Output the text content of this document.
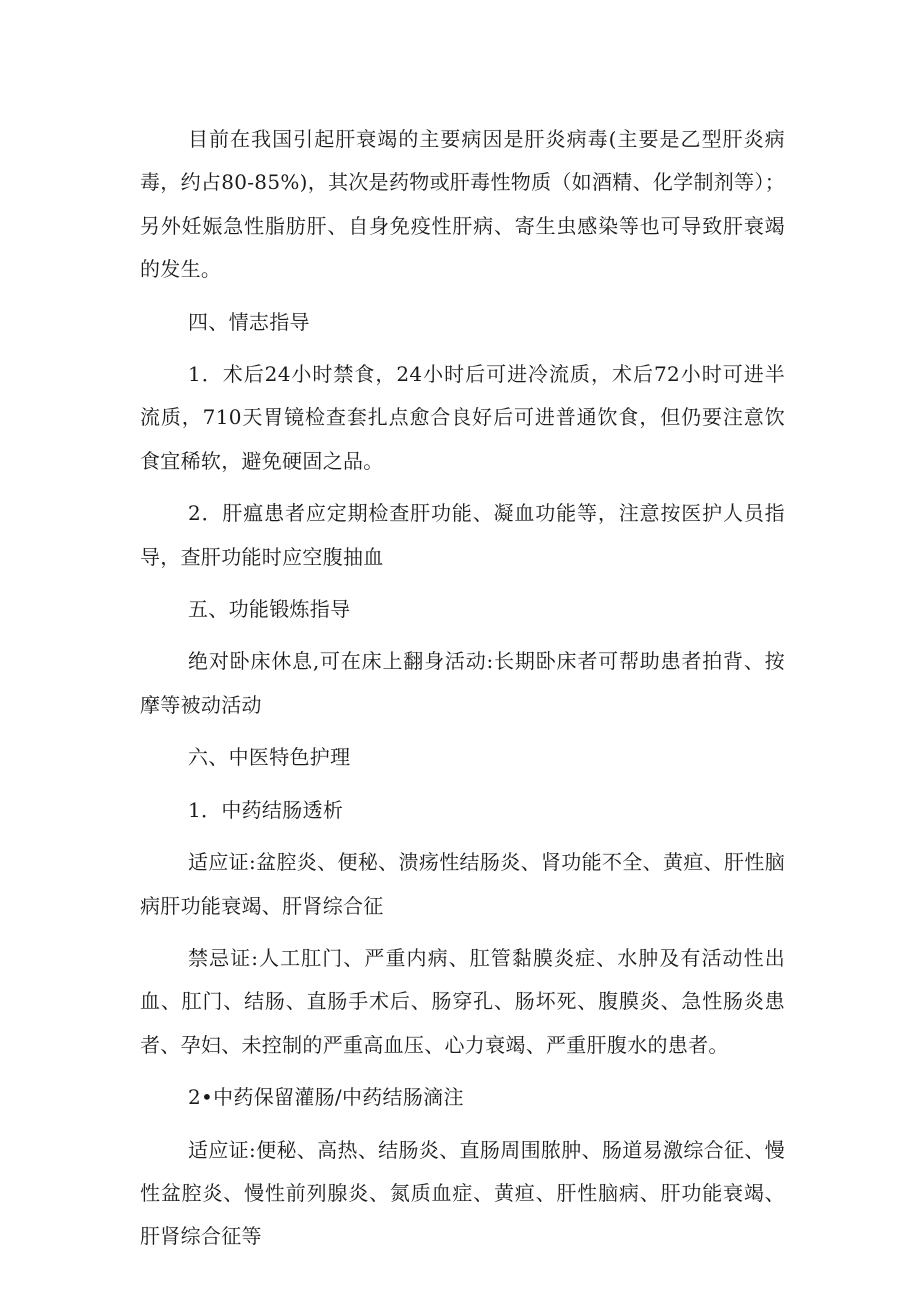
目前在我国引起肝衰竭的主要病因是肝炎病毒(主要是乙型肝炎病毒，约占80-85%)，其次是药物或肝毒性物质（如酒精、化学制剂等）；另外妊娠急性脂肪肝、自身免疫性肝病、寄生虫感染等也可导致肝衰竭的发生。

四、情志指导

1．术后24小时禁食，24小时后可进冷流质，术后72小时可进半流质，710天胃镜检查套扎点愈合良好后可进普通饮食，但仍要注意饮食宜稀软，避免硬固之品。

2．肝瘟患者应定期检查肝功能、凝血功能等，注意按医护人员指导，查肝功能时应空腹抽血

五、功能锻炼指导

绝对卧床休息,可在床上翻身活动:长期卧床者可帮助患者拍背、按摩等被动活动

六、中医特色护理

1．中药结肠透析

适应证:盆腔炎、便秘、溃疡性结肠炎、肾功能不全、黄疸、肝性脑病肝功能衰竭、肝肾综合征

禁忌证:人工肛门、严重内病、肛管黏膜炎症、水肿及有活动性出血、肛门、结肠、直肠手术后、肠穿孔、肠坏死、腹膜炎、急性肠炎患者、孕妇、未控制的严重高血压、心力衰竭、严重肝腹水的患者。

2•中药保留灌肠/中药结肠滴注

适应证:便秘、高热、结肠炎、直肠周围脓肿、肠道易激综合征、慢性盆腔炎、慢性前列腺炎、氮质血症、黄疸、肝性脑病、肝功能衰竭、肝肾综合征等
